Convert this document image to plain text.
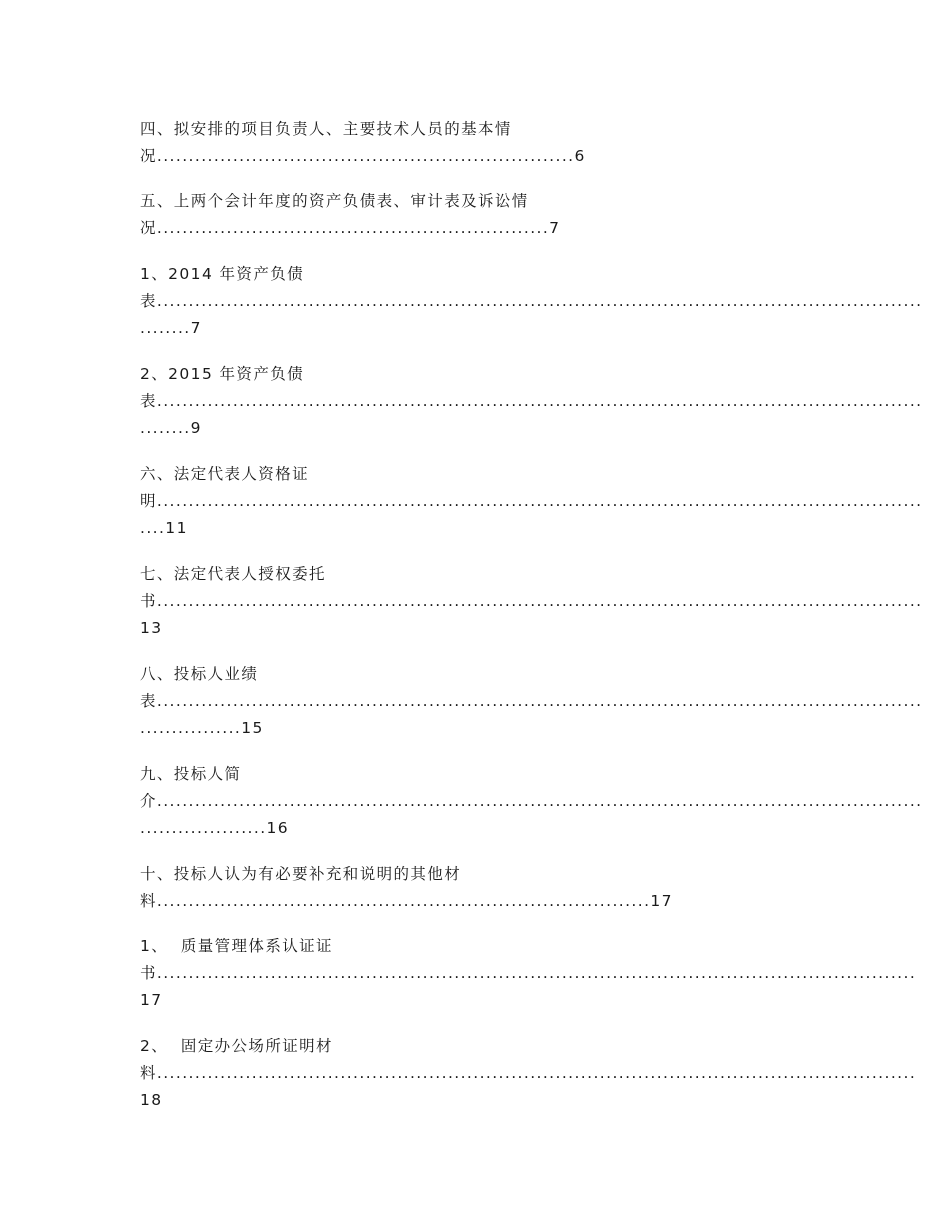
四、拟安排的项目负责人、主要技术人员的基本情
况..................................................................6
五、上两个会计年度的资产负债表、审计表及诉讼情
况..............................................................7
1、2014 年资产负债
表.........................................................................................................................
........7
2、2015 年资产负债
表.........................................................................................................................
........9
六、法定代表人资格证
明.........................................................................................................................
....11
七、法定代表人授权委托
书.........................................................................................................................
13
八、投标人业绩
表.........................................................................................................................
................15
九、投标人简
介.........................................................................................................................
....................16
十、投标人认为有必要补充和说明的其他材
料..............................................................................17
1、  质量管理体系认证证
书........................................................................................................................
17
2、  固定办公场所证明材
料........................................................................................................................
18
